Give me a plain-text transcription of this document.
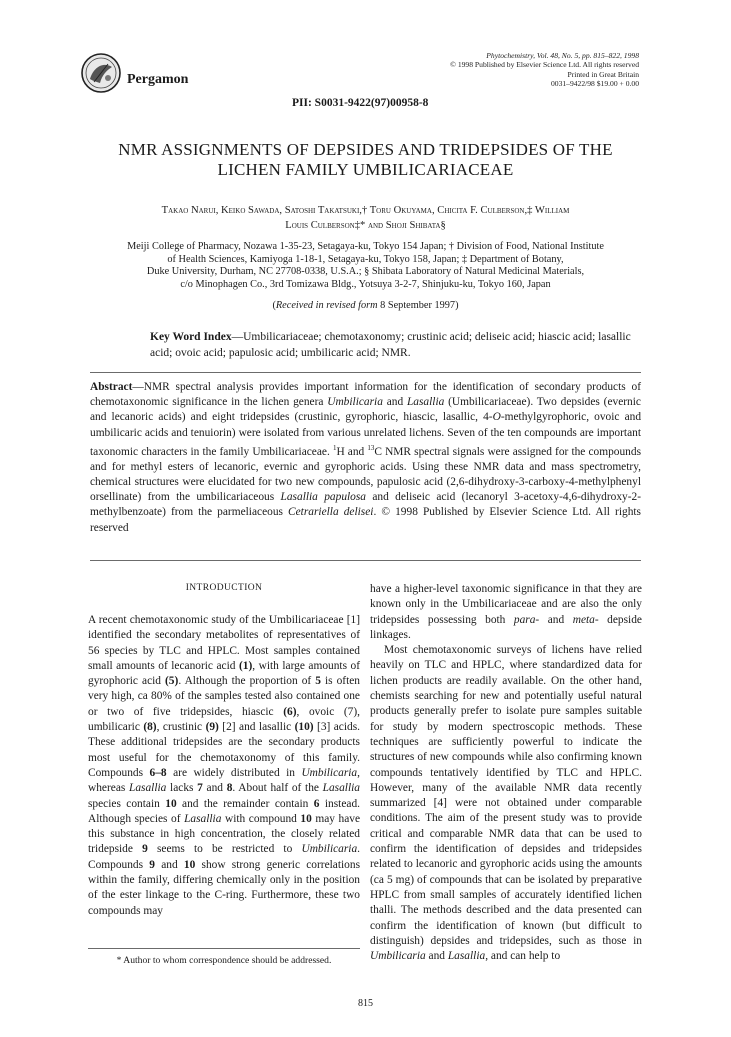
Pergamon
Phytochemistry, Vol. 48, No. 5, pp. 815–822, 1998
© 1998 Published by Elsevier Science Ltd. All rights reserved
Printed in Great Britain
0031–9422/98 $19.00 + 0.00
PII: S0031-9422(97)00958-8
NMR ASSIGNMENTS OF DEPSIDES AND TRIDEPSIDES OF THE
LICHEN FAMILY UMBILICARIACEAE
Takao Narui, Keiko Sawada, Satoshi Takatsuki,† Toru Okuyama, Chicita F. Culberson,‡ William
Louis Culberson‡* and Shoji Shibata§
Meiji College of Pharmacy, Nozawa 1-35-23, Setagaya-ku, Tokyo 154 Japan; † Division of Food, National Institute
of Health Sciences, Kamiyoga 1-18-1, Setagaya-ku, Tokyo 158, Japan; ‡ Department of Botany,
Duke University, Durham, NC 27708-0338, U.S.A.; § Shibata Laboratory of Natural Medicinal Materials,
c/o Minophagen Co., 3rd Tomizawa Bldg., Yotsuya 3-2-7, Shinjuku-ku, Tokyo 160, Japan
(Received in revised form 8 September 1997)
Key Word Index—Umbilicariaceae; chemotaxonomy; crustinic acid; deliseic acid; hiascic acid; lasallic acid; ovoic acid; papulosic acid; umbilicaric acid; NMR.
Abstract—NMR spectral analysis provides important information for the identification of secondary products of chemotaxonomic significance in the lichen genera Umbilicaria and Lasallia (Umbilicariaceae). Two depsides (evernic and lecanoric acids) and eight tridepsides (crustinic, gyrophoric, hiascic, lasallic, 4-O-methylgyrophoric, ovoic and umbilicaric acids and tenuiorin) were isolated from various unrelated lichens. Seven of the ten compounds are important taxonomic characters in the family Umbilicariaceae. $^1$H and $^{13}$C NMR spectral signals were assigned for the compounds and for methyl esters of lecanoric, evernic and gyrophoric acids. Using these NMR data and mass spectrometry, chemical structures were elucidated for two new compounds, papulosic acid (2,6-dihydroxy-3-carboxy-4-methylphenyl orsellinate) from the umbilicariaceous Lasallia papulosa and deliseic acid (lecanoryl 3-acetoxy-4,6-dihydroxy-2-methylbenzoate) from the parmeliaceous Cetrariella delisei. © 1998 Published by Elsevier Science Ltd. All rights reserved
INTRODUCTION

A recent chemotaxonomic study of the Umbilicariaceae [1] identified the secondary metabolites of representatives of 56 species by TLC and HPLC. Most samples contained small amounts of lecanoric acid (1), with large amounts of gyrophoric acid (5). Although the proportion of 5 is often very high, ca 80% of the samples tested also contained one or two of five tridepsides, hiascic (6), ovoic (7), umbilicaric (8), crustinic (9) [2] and lasallic (10) [3] acids. These additional tridepsides are the secondary products most useful for the chemotaxonomy of this family. Compounds 6–8 are widely distributed in Umbilicaria, whereas Lasallia lacks 7 and 8. About half of the Lasallia species contain 10 and the remainder contain 6 instead. Although species of Lasallia with compound 10 may have this substance in high concentration, the closely related tridepside 9 seems to be restricted to Umbilicaria. Compounds 9 and 10 show strong generic correlations within the family, differing chemically only in the position of the ester linkage to the C-ring. Furthermore, these two compounds may

have a higher-level taxonomic significance in that they are known only in the Umbilicariaceae and are also the only tridepsides possessing both para- and meta- depside linkages.

Most chemotaxonomic surveys of lichens have relied heavily on TLC and HPLC, where standardized data for lichen products are readily available. On the other hand, chemists searching for new and potentially useful natural products generally prefer to isolate pure samples suitable for study by modern spectroscopic methods. These techniques are sufficiently powerful to indicate the structures of new compounds while also confirming known compounds tentatively identified by TLC and HPLC. However, many of the available NMR data recently summarized [4] were not obtained under comparable conditions. The aim of the present study was to provide critical and comparable NMR data that can be used to confirm the identification of depsides and tridepsides related to lecanoric and gyrophoric acids using the amounts (ca 5 mg) of compounds that can be isolated by preparative HPLC from small samples of accurately identified lichen thalli. The methods described and the data presented can confirm the identification of known (but difficult to distinguish) depsides and tridepsides, such as those in Umbilicaria and Lasallia, and can help to

* Author to whom correspondence should be addressed.
815
